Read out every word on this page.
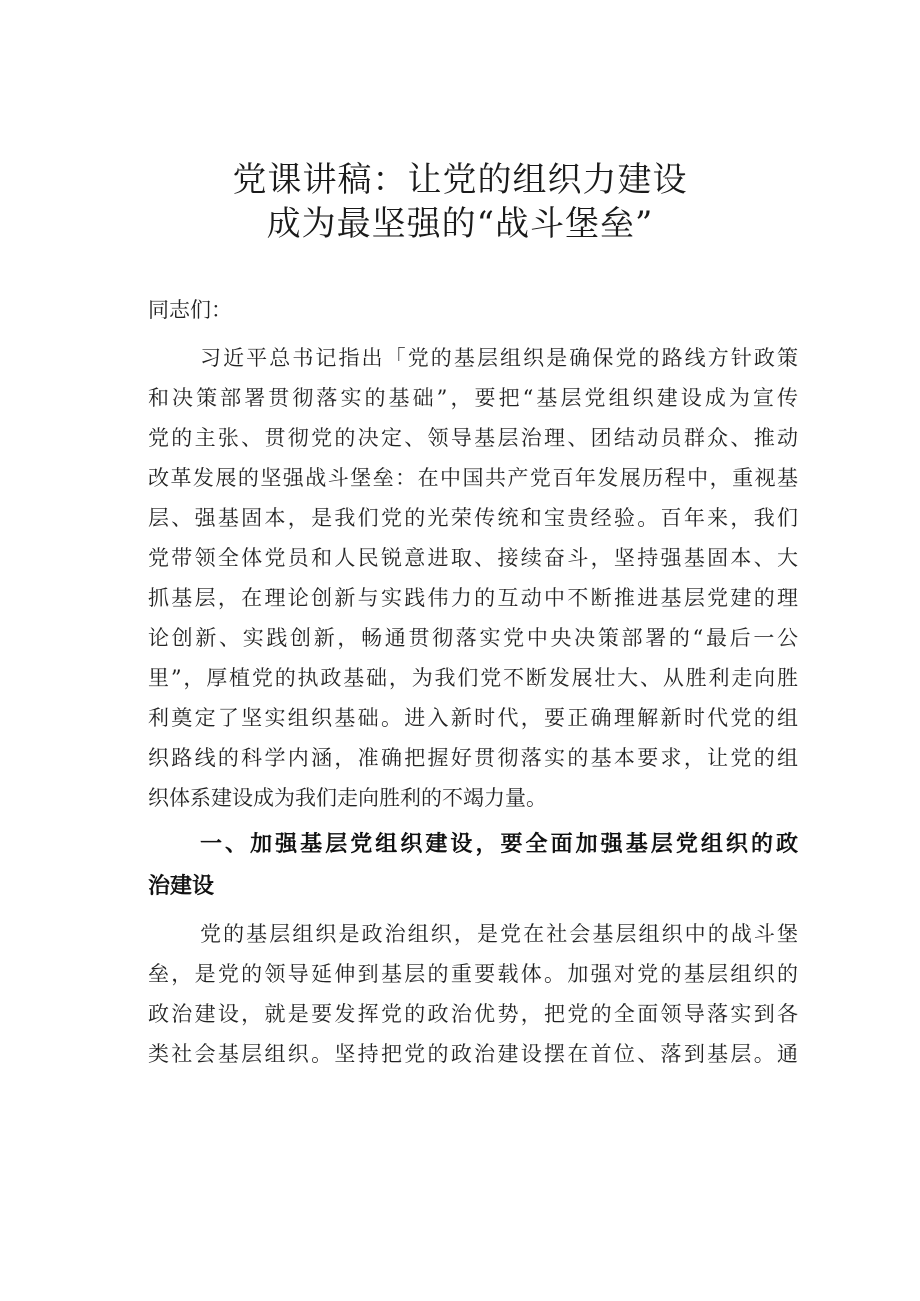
党课讲稿：让党的组织力建设
成为最坚强的“战斗堡垒”
同志们：
习近平总书记指出「党的基层组织是确保党的路线方针政策
和决策部署贯彻落实的基础”，要把“基层党组织建设成为宣传
党的主张、贯彻党的决定、领导基层治理、团结动员群众、推动
改革发展的坚强战斗堡垒：在中国共产党百年发展历程中，重视基
层、强基固本，是我们党的光荣传统和宝贵经验。百年来，我们
党带领全体党员和人民锐意进取、接续奋斗，坚持强基固本、大
抓基层，在理论创新与实践伟力的互动中不断推进基层党建的理
论创新、实践创新，畅通贯彻落实党中央决策部署的“最后一公
里”，厚植党的执政基础，为我们党不断发展壮大、从胜利走向胜
利奠定了坚实组织基础。进入新时代，要正确理解新时代党的组
织路线的科学内涵，准确把握好贯彻落实的基本要求，让党的组
织体系建设成为我们走向胜利的不竭力量。
一、加强基层党组织建设，要全面加强基层党组织的政
治建设
党的基层组织是政治组织，是党在社会基层组织中的战斗堡
垒，是党的领导延伸到基层的重要载体。加强对党的基层组织的
政治建设，就是要发挥党的政治优势，把党的全面领导落实到各
类社会基层组织。坚持把党的政治建设摆在首位、落到基层。通
